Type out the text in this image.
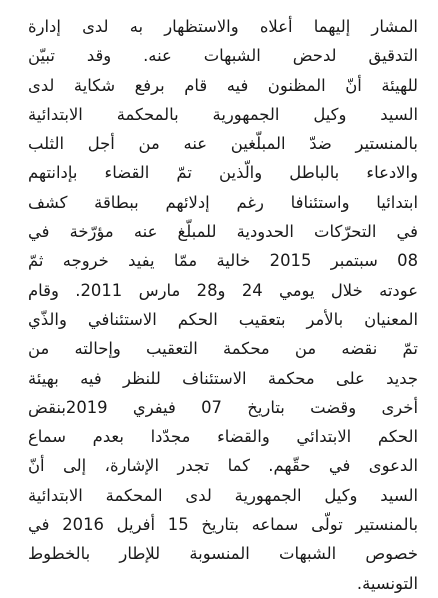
المشار إليهما أعلاه والاستظهار به لدى إدارة
التدقيق لدحض الشبهات عنه. وقد تبيّن
للهيئة أنّ المظنون فيه قام برفع شكاية لدى
السيد وكيل الجمهورية بالمحكمة الابتدائية
بالمنستير ضدّ المبلّغين عنه من أجل الثلب
والادعاء بالباطل والّذين تمّ القضاء بإدانتهم
ابتدائيا واستئنافا رغم إدلائهم ببطاقة كشف
في التحرّكات الحدودية للمبلّغ عنه مؤرّخة في
08 سبتمبر 2015 خالية ممّا يفيد خروجه ثمّ
عودته خلال يومي 24 و28 مارس 2011. وقام
المعنيان بالأمر بتعقيب الحكم الاستئنافي والذّي
تمّ نقضه من محكمة التعقيب وإحالته من
جديد على محكمة الاستئناف للنظر فيه بهيئة
أخرى وقضت بتاريخ 07 فيفري 2019بنقض
الحكم الابتدائي والقضاء مجدّدا بعدم سماع
الدعوى في حقّهم. كما تجدر الإشارة، إلى أنّ
السيد وكيل الجمهورية لدى المحكمة الابتدائية
بالمنستير تولّى سماعه بتاريخ 15 أفريل 2016 في
خصوص الشبهات المنسوبة للإطار بالخطوط
التونسية.
